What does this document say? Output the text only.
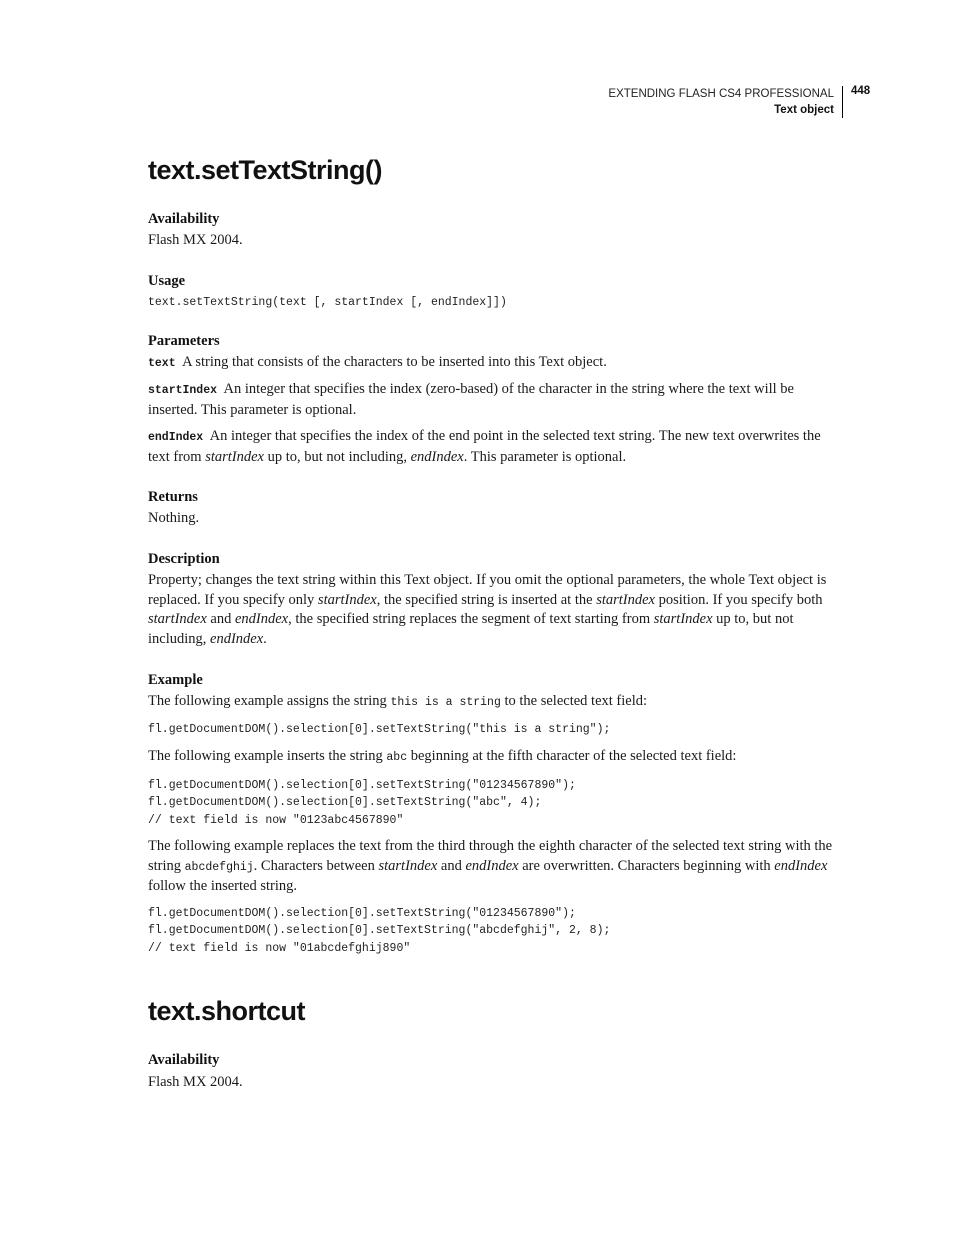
EXTENDING FLASH CS4 PROFESSIONAL
Text object
448
text.setTextString()
Availability

Flash MX 2004.

Usage
text.setTextString(text [, startIndex [, endIndex]])
Parameters

text A string that consists of the characters to be inserted into this Text object.

startIndex An integer that specifies the index (zero-based) of the character in the string where the text will be inserted. This parameter is optional.

endIndex An integer that specifies the index of the end point in the selected text string. The new text overwrites the text from startIndex up to, but not including, endIndex. This parameter is optional.

Returns

Nothing.

Description

Property; changes the text string within this Text object. If you omit the optional parameters, the whole Text object is replaced. If you specify only startIndex, the specified string is inserted at the startIndex position. If you specify both startIndex and endIndex, the specified string replaces the segment of text starting from startIndex up to, but not including, endIndex.

Example

The following example assigns the string this is a string to the selected text field:

fl.getDocumentDOM().selection[0].setTextString("this is a string");

The following example inserts the string abc beginning at the fifth character of the selected text field:

fl.getDocumentDOM().selection[0].setTextString("01234567890");
fl.getDocumentDOM().selection[0].setTextString("abc", 4);
// text field is now "0123abc4567890"

The following example replaces the text from the third through the eighth character of the selected text string with the string abcdefghij. Characters between startIndex and endIndex are overwritten. Characters beginning with endIndex follow the inserted string.

fl.getDocumentDOM().selection[0].setTextString("01234567890");
fl.getDocumentDOM().selection[0].setTextString("abcdefghij", 2, 8);
// text field is now "01abcdefghij890"
text.shortcut
Availability

Flash MX 2004.
